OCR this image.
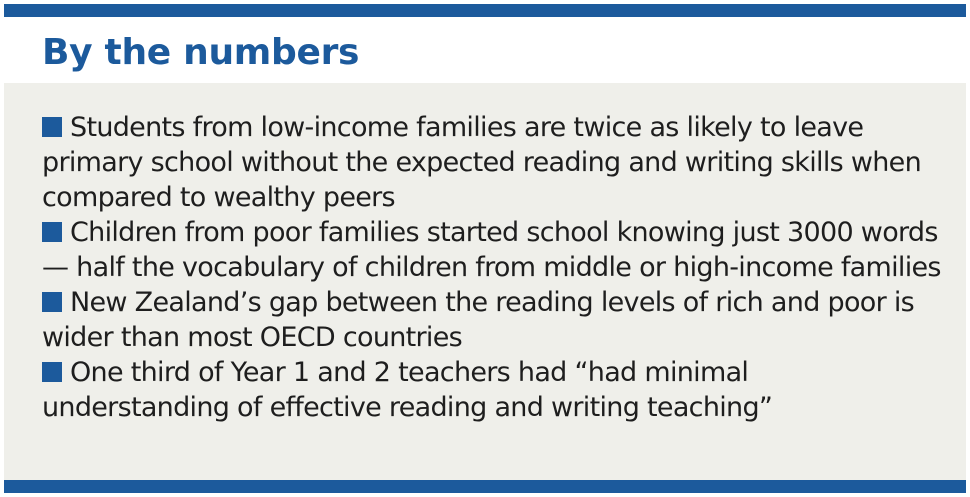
By the numbers
Students from low-income families are twice as likely to leave primary school without the expected reading and writing skills when compared to wealthy peers
Children from poor families started school knowing just 3000 words — half the vocabulary of children from middle or high-income families
New Zealand’s gap between the reading levels of rich and poor is wider than most OECD countries
One third of Year 1 and 2 teachers had “had minimal understanding of effective reading and writing teaching”
